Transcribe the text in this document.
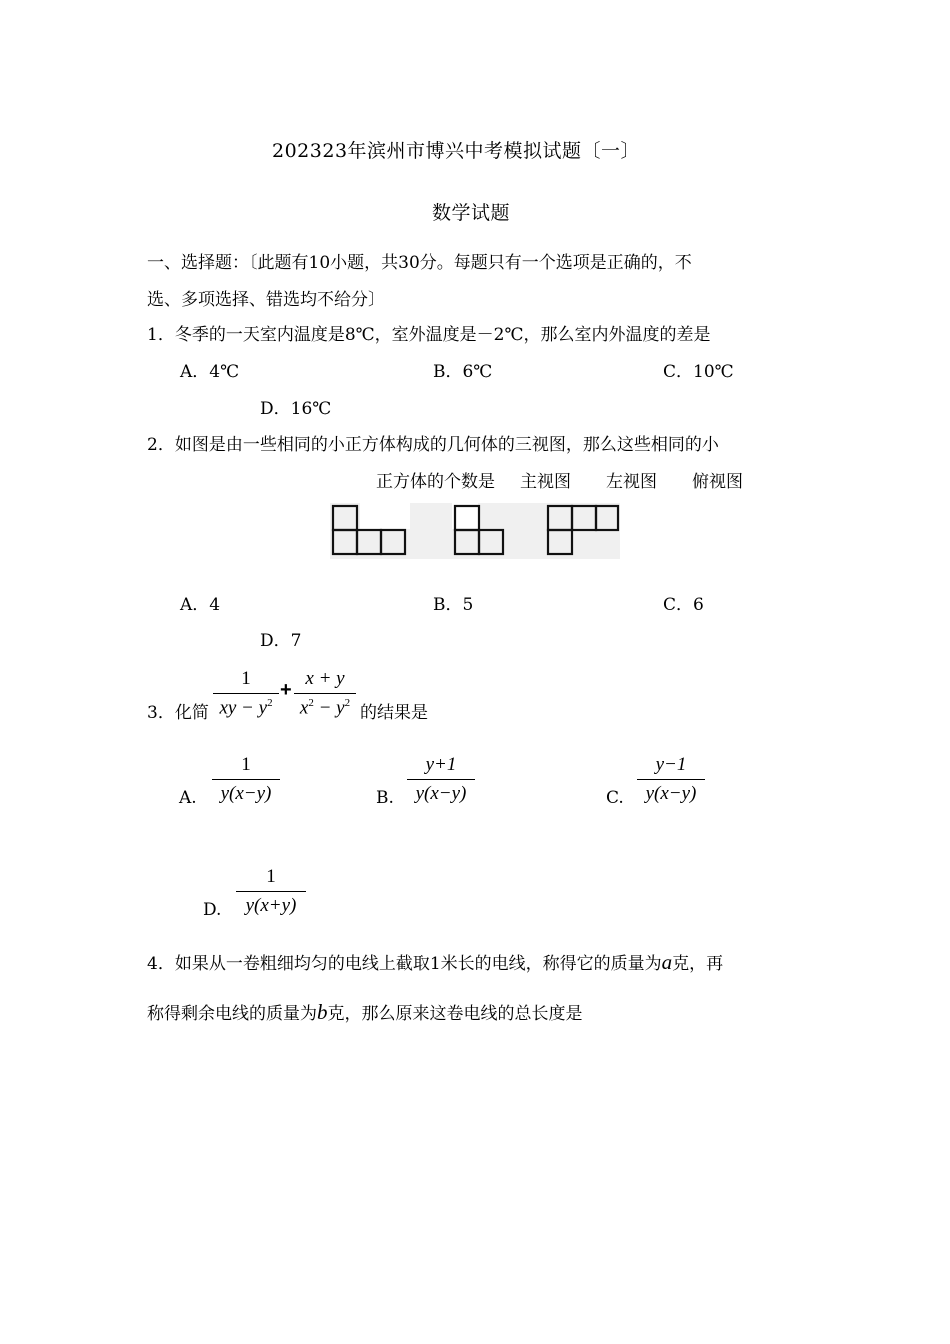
202323年滨州市博兴中考模拟试题〔一〕
数学试题
一、选择题：〔此题有10小题，共30分。每题只有一个选项是正确的，不
选、多项选择、错选均不给分〕
1．冬季的一天室内温度是8℃，室外温度是－2℃，那么室内外温度的差是
A．4℃	B．6℃	C．10℃
D．16℃
2．如图是由一些相同的小正方体构成的几何体的三视图，那么这些相同的小
正方体的个数是 主视图 左视图 俯视图
A．4	B．5	C．6
D．7
1
xy − $y^2$
+
x + y
$x^2 - y^2$
3．化简	的结果是
A.
1
y(x−y)	B.
y+1
y(x−y)	C.
y−1
y(x−y)
D.
1
y(x+y)
4．如果从一卷粗细均匀的电线上截取1米长的电线，称得它的质量为a克，再
称得剩余电线的质量为b克，那么原来这卷电线的总长度是
